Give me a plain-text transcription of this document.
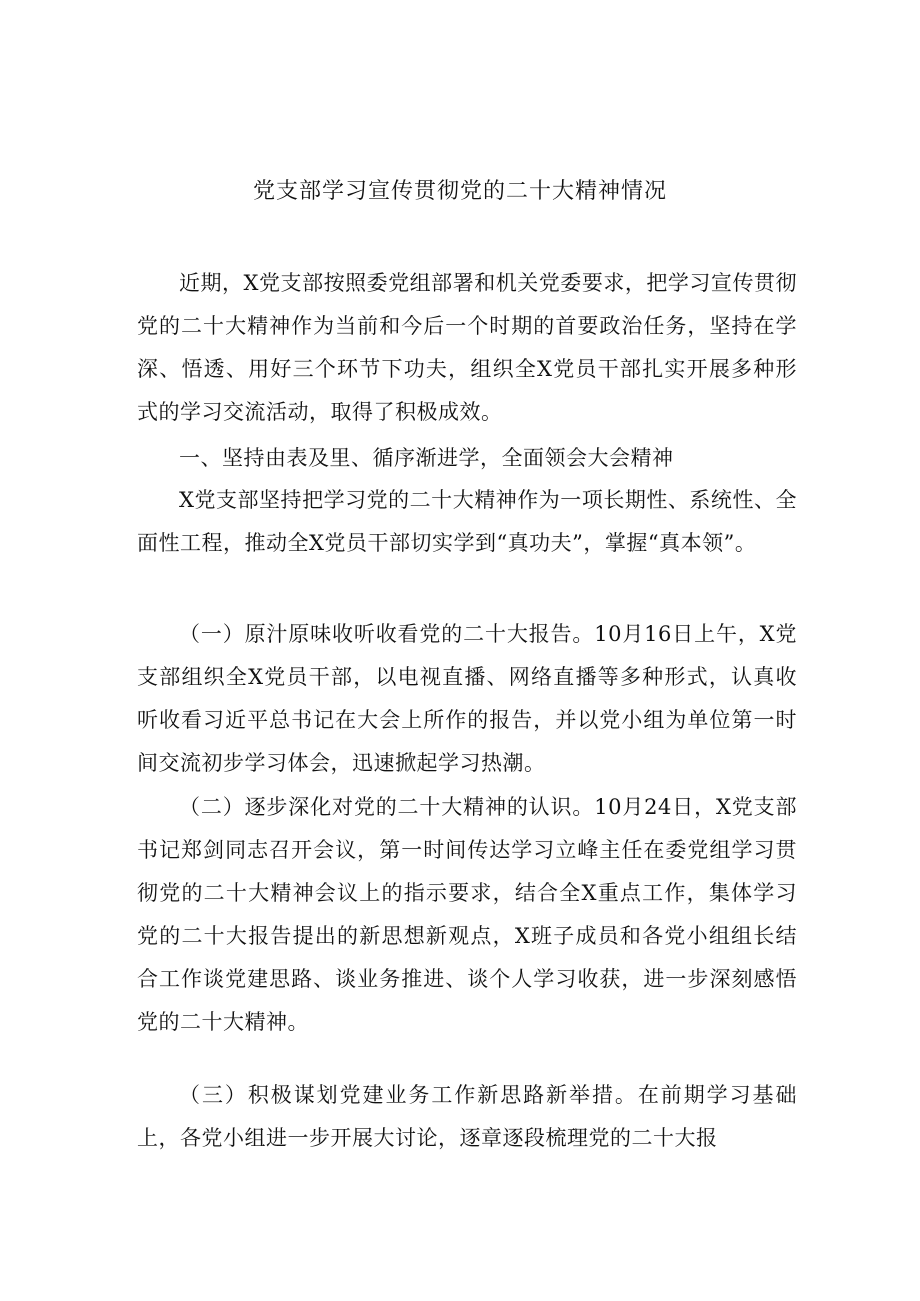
党支部学习宣传贯彻党的二十大精神情况

近期，X党支部按照委党组部署和机关党委要求，把学习宣传贯彻党的二十大精神作为当前和今后一个时期的首要政治任务，坚持在学深、悟透、用好三个环节下功夫，组织全X党员干部扎实开展多种形式的学习交流活动，取得了积极成效。

一、坚持由表及里、循序渐进学，全面领会大会精神

X党支部坚持把学习党的二十大精神作为一项长期性、系统性、全面性工程，推动全X党员干部切实学到“真功夫”，掌握“真本领”。

（一）原汁原味收听收看党的二十大报告。10月16日上午，X党支部组织全X党员干部，以电视直播、网络直播等多种形式，认真收听收看习近平总书记在大会上所作的报告，并以党小组为单位第一时间交流初步学习体会，迅速掀起学习热潮。

（二）逐步深化对党的二十大精神的认识。10月24日，X党支部书记郑剑同志召开会议，第一时间传达学习立峰主任在委党组学习贯彻党的二十大精神会议上的指示要求，结合全X重点工作，集体学习党的二十大报告提出的新思想新观点，X班子成员和各党小组组长结合工作谈党建思路、谈业务推进、谈个人学习收获，进一步深刻感悟党的二十大精神。

（三）积极谋划党建业务工作新思路新举措。在前期学习基础上，各党小组进一步开展大讨论，逐章逐段梳理党的二十大报
